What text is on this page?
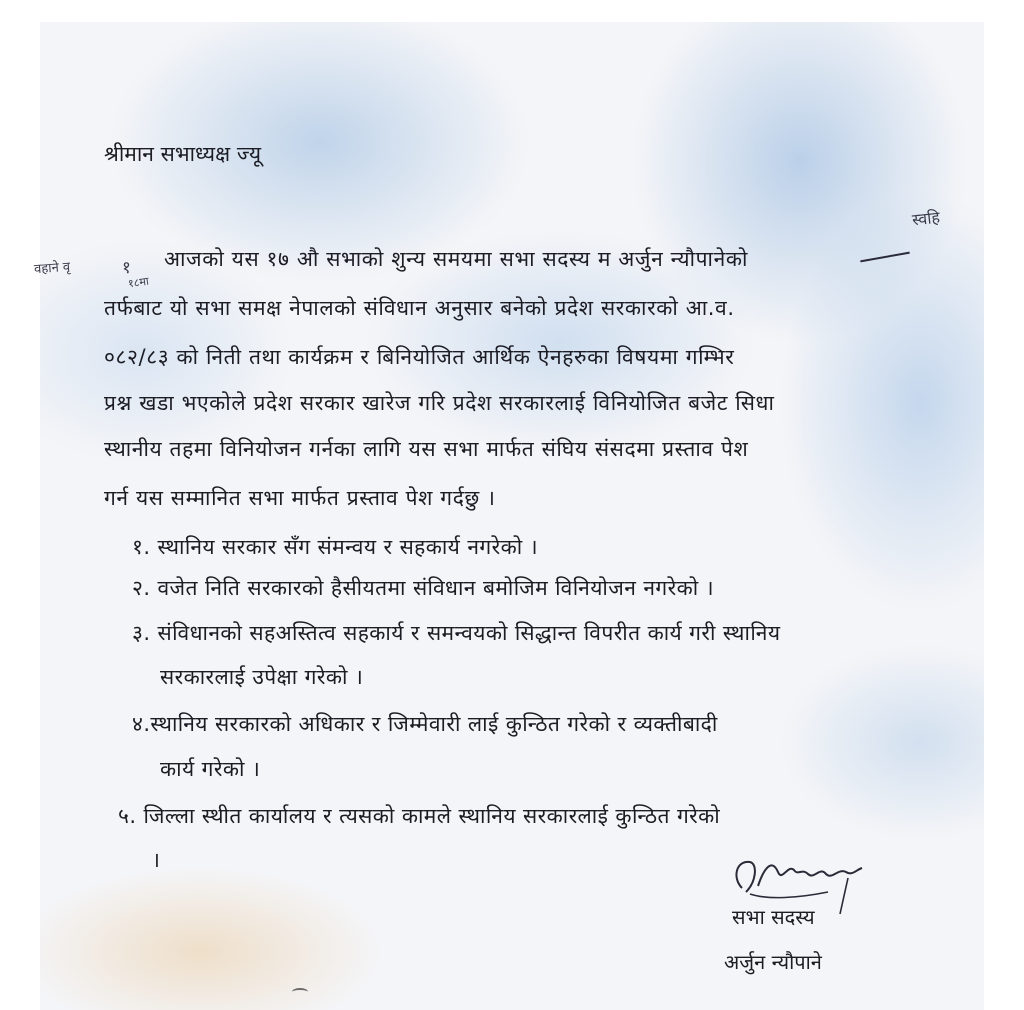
श्रीमान सभाध्यक्ष ज्यू
स्वहि
वहाने वृ	१
१८मा
आजको यस १७ औ सभाको शुन्य समयमा सभा सदस्य म अर्जुन न्यौपानेको
तर्फबाट यो सभा समक्ष नेपालको संविधान अनुसार बनेको प्रदेश सरकारको आ.व.
०८२/८३ को निती तथा कार्यक्रम र बिनियोजित आर्थिक ऐनहरुका विषयमा गम्भिर
प्रश्न खडा भएकोले प्रदेश सरकार खारेज गरि प्रदेश सरकारलाई विनियोजित बजेट सिधा
स्थानीय तहमा विनियोजन गर्नका लागि यस सभा मार्फत संघिय संसदमा प्रस्ताव पेश
गर्न यस सम्मानित सभा मार्फत प्रस्ताव पेश गर्दछु ।
१. स्थानिय सरकार सँग संमन्वय र सहकार्य नगरेको ।
२. वजेत निति सरकारको हैसीयतमा संविधान बमोजिम विनियोजन नगरेको ।
३. संविधानको सहअस्तित्व सहकार्य र समन्वयको सिद्धान्त विपरीत कार्य गरी स्थानिय
सरकारलाई उपेक्षा गरेको ।
४.स्थानिय सरकारको अधिकार र जिम्मेवारी लाई कुन्ठित गरेको र व्यक्तीबादी
कार्य गरेको ।
५. जिल्ला स्थीत कार्यालय र त्यसको कामले स्थानिय सरकारलाई कुन्ठित गरेको
।
सभा सदस्य
अर्जुन न्यौपाने
